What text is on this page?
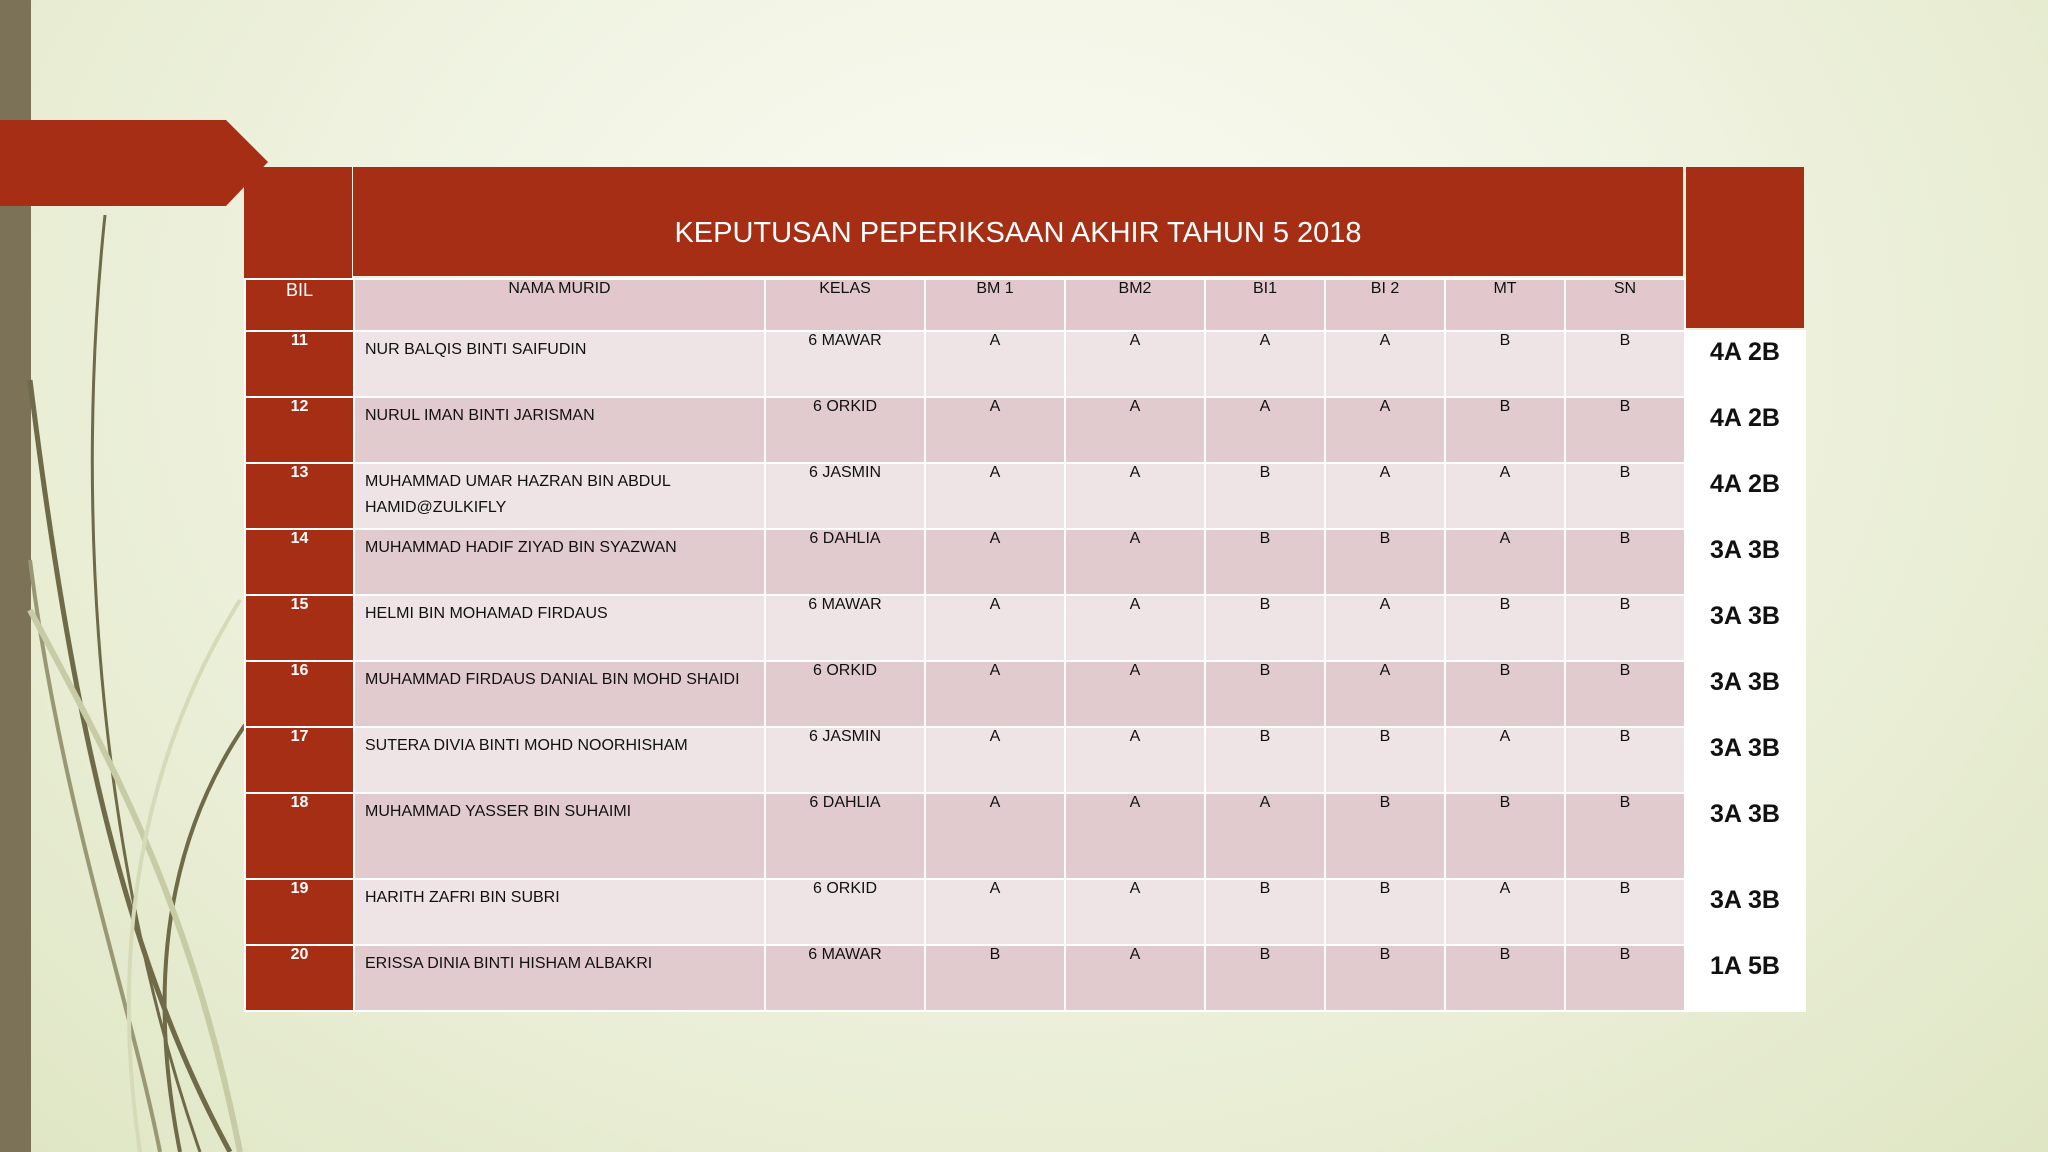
KEPUTUSAN PEPERIKSAAN AKHIR TAHUN 5 2018
BIL	NAMA MURID	KELAS	BM 1	BM2	BI1	BI 2	MT	SN	
11	NUR BALQIS BINTI SAIFUDIN	6 MAWAR	A	A	A	A	B	B	4A 2B
12	NURUL IMAN BINTI JARISMAN	6 ORKID	A	A	A	A	B	B	4A 2B
13	MUHAMMAD UMAR HAZRAN BIN ABDUL HAMID@ZULKIFLY	6 JASMIN	A	A	B	A	A	B	4A 2B
14	MUHAMMAD HADIF ZIYAD BIN SYAZWAN	6 DAHLIA	A	A	B	B	A	B	3A 3B
15	HELMI BIN MOHAMAD FIRDAUS	6 MAWAR	A	A	B	A	B	B	3A 3B
16	MUHAMMAD FIRDAUS DANIAL BIN MOHD SHAIDI	6 ORKID	A	A	B	A	B	B	3A 3B
17	SUTERA DIVIA BINTI MOHD NOORHISHAM	6 JASMIN	A	A	B	B	A	B	3A 3B
18	MUHAMMAD YASSER BIN SUHAIMI	6 DAHLIA	A	A	A	B	B	B	3A 3B
19	HARITH ZAFRI BIN SUBRI	6 ORKID	A	A	B	B	A	B	3A 3B
20	ERISSA DINIA BINTI HISHAM ALBAKRI	6 MAWAR	B	A	B	B	B	B	1A 5B
